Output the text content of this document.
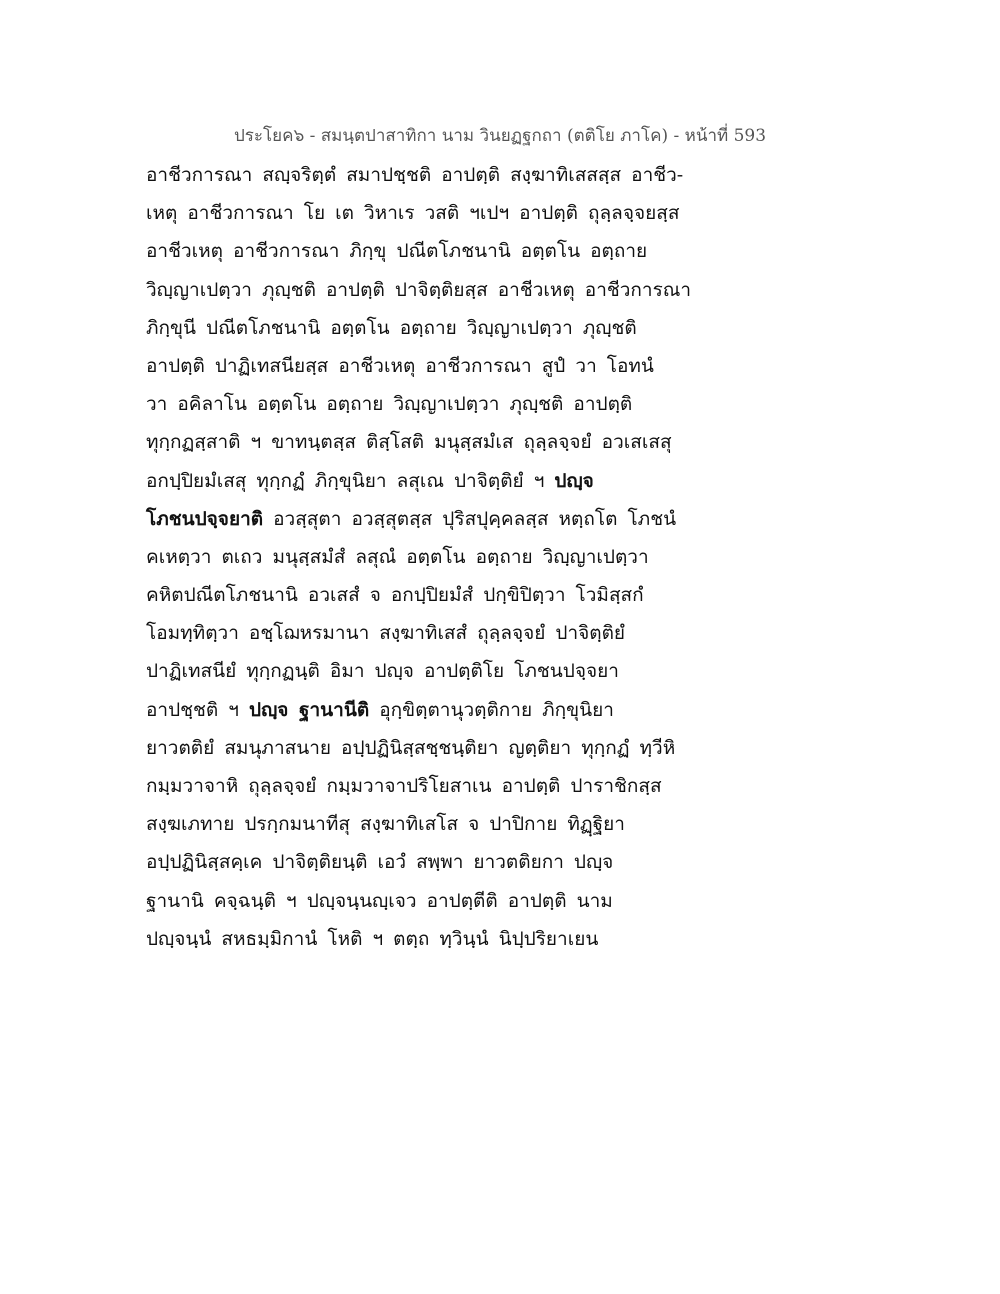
ประโยค๖ - สมนฺตปาสาทิกา นาม วินยฏฐกถา (ตติโย ภาโค) - หน้าที่ 593
อาชีวการณา สญฺจริตฺตํ สมาปชฺชติ อาปตฺติ สงฺฆาทิเสสสฺส อาชีว-
เหตุ อาชีวการณา โย เต วิหาเร วสติ ฯเปฯ อาปตฺติ ถุลฺลจฺจยสฺส
อาชีวเหตุ อาชีวการณา ภิกฺขุ ปณีตโภชนานิ อตฺตโน อตฺถาย
วิญฺญาเปตฺวา ภุญฺชติ อาปตฺติ ปาจิตฺติยสฺส อาชีวเหตุ อาชีวการณา
ภิกฺขุนี ปณีตโภชนานิ อตฺตโน อตฺถาย วิญฺญาเปตฺวา ภุญฺชติ
อาปตฺติ ปาฏิเทสนียสฺส อาชีวเหตุ อาชีวการณา สูปํ วา โอทนํ
วา อคิลาโน อตฺตโน อตฺถาย วิญฺญาเปตฺวา ภุญฺชติ อาปตฺติ
ทุกฺกฏสฺสาติ ฯ ขาทนฺตสฺส ติสฺโสติ มนุสฺสมํเส ถุลฺลจฺจยํ อวเสเสสุ
อกปฺปิยมํเสสุ ทุกฺกฏํ ภิกฺขุนิยา ลสุเณ ปาจิตฺติยํ ฯ ปญฺจ
โภชนปจฺจยาติ อวสฺสุตา อวสฺสุตสฺส ปุริสปุคฺคลสฺส หตฺถโต โภชนํ
คเหตฺวา ตเถว มนุสฺสมํสํ ลสุณํ อตฺตโน อตฺถาย วิญฺญาเปตฺวา
คหิตปณีตโภชนานิ อวเสสํ จ อกปฺปิยมํสํ ปกฺขิปิตฺวา โวมิสฺสกํ
โอมทฺทิตฺวา อชฺโฌหรมานา สงฺฆาทิเสสํ ถุลฺลจฺจยํ ปาจิตฺติยํ
ปาฏิเทสนียํ ทุกฺกฏนฺติ อิมา ปญฺจ อาปตฺติโย โภชนปจฺจยา
อาปชฺชติ ฯ ปญฺจ ฐานานีติ อุกฺขิตฺตานุวตฺติกาย ภิกฺขุนิยา
ยาวตติยํ สมนุภาสนาย อปฺปฏินิสฺสชฺชนฺติยา ญตฺติยา ทุกฺกฏํ ทฺวีหิ
กมฺมวาจาหิ ถุลฺลจฺจยํ กมฺมวาจาปริโยสาเน อาปตฺติ ปาราชิกสฺส
สงฺฆเภทาย ปรกฺกมนาทีสุ สงฺฆาทิเสโส จ ปาปิกาย ทิฏฺฐิยา
อปฺปฏินิสฺสคฺเค ปาจิตฺติยนฺติ เอวํ สพฺพา ยาวตติยกา ปญฺจ
ฐานานิ คจฺฉนฺติ ฯ ปญฺจนฺนญฺเจว อาปตฺตีติ อาปตฺติ นาม
ปญฺจนฺนํ สหธมฺมิกานํ โหติ ฯ ตตฺถ ทฺวินฺนํ นิปฺปริยาเยน
